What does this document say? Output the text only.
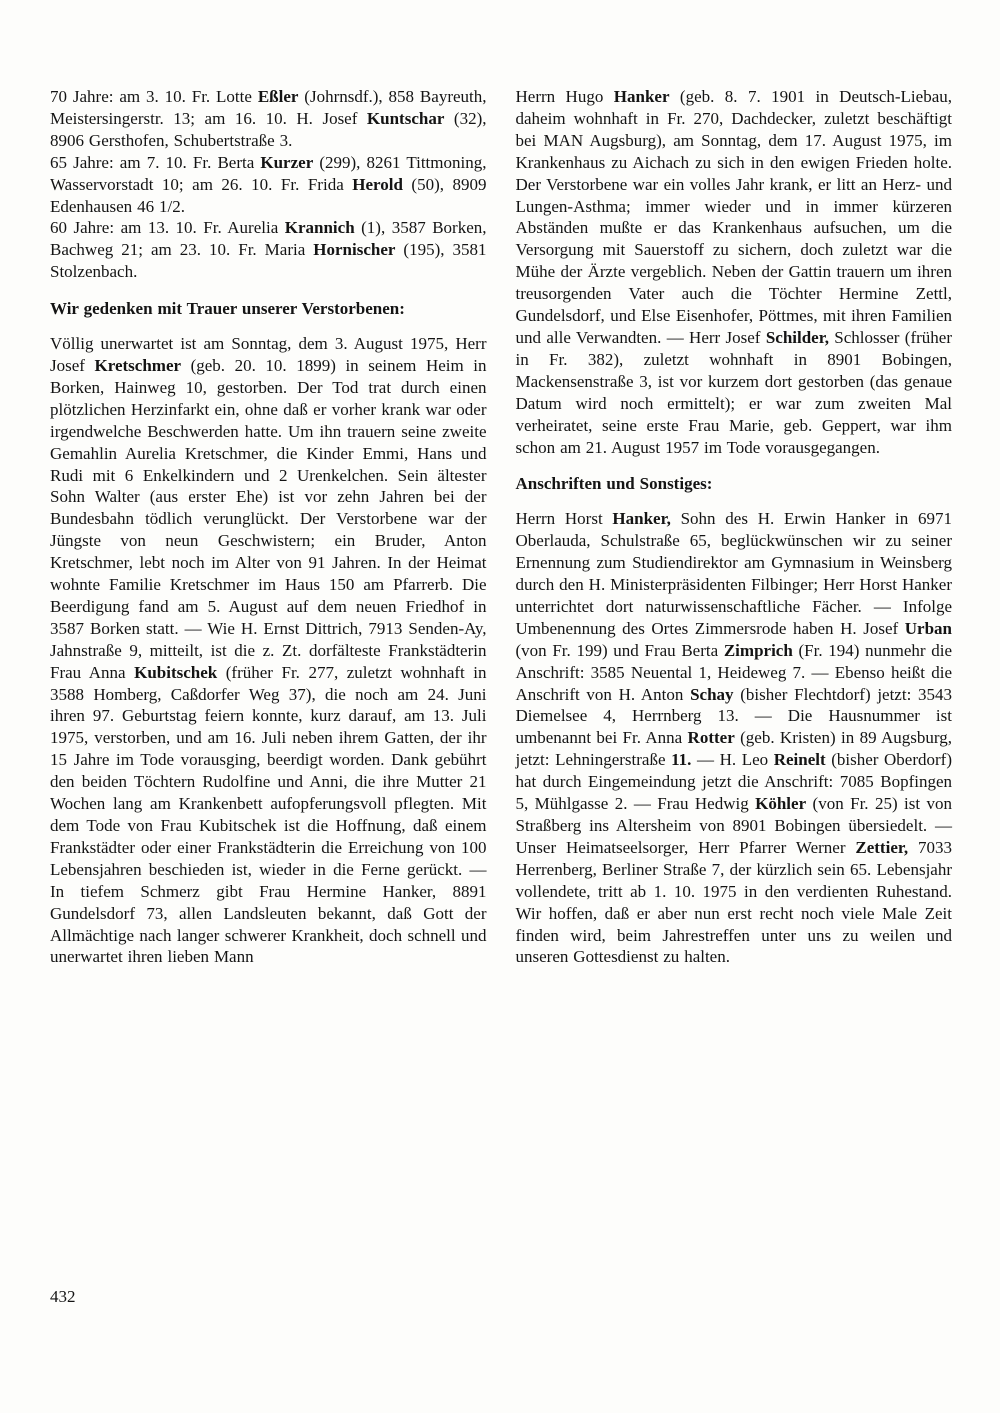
70 Jahre: am 3. 10. Fr. Lotte Eßler (Johrnsdf.), 858 Bayreuth, Meistersingerstr. 13; am 16. 10. H. Josef Kuntschar (32), 8906 Gersthofen, Schubertstraße 3.

65 Jahre: am 7. 10. Fr. Berta Kurzer (299), 8261 Tittmoning, Wasservorstadt 10; am 26. 10. Fr. Frida Herold (50), 8909 Edenhausen 46 1/2.

60 Jahre: am 13. 10. Fr. Aurelia Krannich (1), 3587 Borken, Bachweg 21; am 23. 10. Fr. Maria Hornischer (195), 3581 Stolzenbach.

Wir gedenken mit Trauer unserer Verstorbenen:

Völlig unerwartet ist am Sonntag, dem 3. August 1975, Herr Josef Kretschmer (geb. 20. 10. 1899) in seinem Heim in Borken, Hainweg 10, gestorben. Der Tod trat durch einen plötzlichen Herzinfarkt ein, ohne daß er vorher krank war oder irgendwelche Beschwerden hatte. Um ihn trauern seine zweite Gemahlin Aurelia Kretschmer, die Kinder Emmi, Hans und Rudi mit 6 Enkelkindern und 2 Urenkelchen. Sein ältester Sohn Walter (aus erster Ehe) ist vor zehn Jahren bei der Bundesbahn tödlich verunglückt. Der Verstorbene war der Jüngste von neun Geschwistern; ein Bruder, Anton Kretschmer, lebt noch im Alter von 91 Jahren. In der Heimat wohnte Familie Kretschmer im Haus 150 am Pfarrerb. Die Beerdigung fand am 5. August auf dem neuen Friedhof in 3587 Borken statt. — Wie H. Ernst Dittrich, 7913 Senden-Ay, Jahnstraße 9, mitteilt, ist die z. Zt. dorfälteste Frankstädterin Frau Anna Kubitschek (früher Fr. 277, zuletzt wohnhaft in 3588 Homberg, Caßdorfer Weg 37), die noch am 24. Juni ihren 97. Geburtstag feiern konnte, kurz darauf, am 13. Juli 1975, verstorben, und am 16. Juli neben ihrem Gatten, der ihr 15 Jahre im Tode vorausging, beerdigt worden. Dank gebührt den beiden Töchtern Rudolfine und Anni, die ihre Mutter 21 Wochen lang am Krankenbett aufopferungsvoll pflegten. Mit dem Tode von Frau Kubitschek ist die Hoffnung, daß einem Frankstädter oder einer Frankstädterin die Erreichung von 100 Lebensjahren beschieden ist, wieder in die Ferne gerückt. — In tiefem Schmerz gibt Frau Hermine Hanker, 8891 Gundelsdorf 73, allen Landsleuten bekannt, daß Gott der Allmächtige nach langer schwerer Krankheit, doch schnell und unerwartet ihren lieben Mann

Herrn Hugo Hanker (geb. 8. 7. 1901 in Deutsch-Liebau, daheim wohnhaft in Fr. 270, Dachdecker, zuletzt beschäftigt bei MAN Augsburg), am Sonntag, dem 17. August 1975, im Krankenhaus zu Aichach zu sich in den ewigen Frieden holte. Der Verstorbene war ein volles Jahr krank, er litt an Herz- und Lungen-Asthma; immer wieder und in immer kürzeren Abständen mußte er das Krankenhaus aufsuchen, um die Versorgung mit Sauerstoff zu sichern, doch zuletzt war die Mühe der Ärzte vergeblich. Neben der Gattin trauern um ihren treusorgenden Vater auch die Töchter Hermine Zettl, Gundelsdorf, und Else Eisenhofer, Pöttmes, mit ihren Familien und alle Verwandten. — Herr Josef Schilder, Schlosser (früher in Fr. 382), zuletzt wohnhaft in 8901 Bobingen, Mackensenstraße 3, ist vor kurzem dort gestorben (das genaue Datum wird noch ermittelt); er war zum zweiten Mal verheiratet, seine erste Frau Marie, geb. Geppert, war ihm schon am 21. August 1957 im Tode vorausgegangen.

Anschriften und Sonstiges:

Herrn Horst Hanker, Sohn des H. Erwin Hanker in 6971 Oberlauda, Schulstraße 65, beglückwünschen wir zu seiner Ernennung zum Studiendirektor am Gymnasium in Weinsberg durch den H. Ministerpräsidenten Filbinger; Herr Horst Hanker unterrichtet dort naturwissenschaftliche Fächer. — Infolge Umbenennung des Ortes Zimmersrode haben H. Josef Urban (von Fr. 199) und Frau Berta Zimprich (Fr. 194) nunmehr die Anschrift: 3585 Neuental 1, Heideweg 7. — Ebenso heißt die Anschrift von H. Anton Schay (bisher Flechtdorf) jetzt: 3543 Diemelsee 4, Herrnberg 13. — Die Hausnummer ist umbenannt bei Fr. Anna Rotter (geb. Kristen) in 89 Augsburg, jetzt: Lehningerstraße 11. — H. Leo Reinelt (bisher Oberdorf) hat durch Eingemeindung jetzt die Anschrift: 7085 Bopfingen 5, Mühlgasse 2. — Frau Hedwig Köhler (von Fr. 25) ist von Straßberg ins Altersheim von 8901 Bobingen übersiedelt. — Unser Heimatseelsorger, Herr Pfarrer Werner Zettier, 7033 Herrenberg, Berliner Straße 7, der kürzlich sein 65. Lebensjahr vollendete, tritt ab 1. 10. 1975 in den verdienten Ruhestand. Wir hoffen, daß er aber nun erst recht noch viele Male Zeit finden wird, beim Jahrestreffen unter uns zu weilen und unseren Gottesdienst zu halten.

432
